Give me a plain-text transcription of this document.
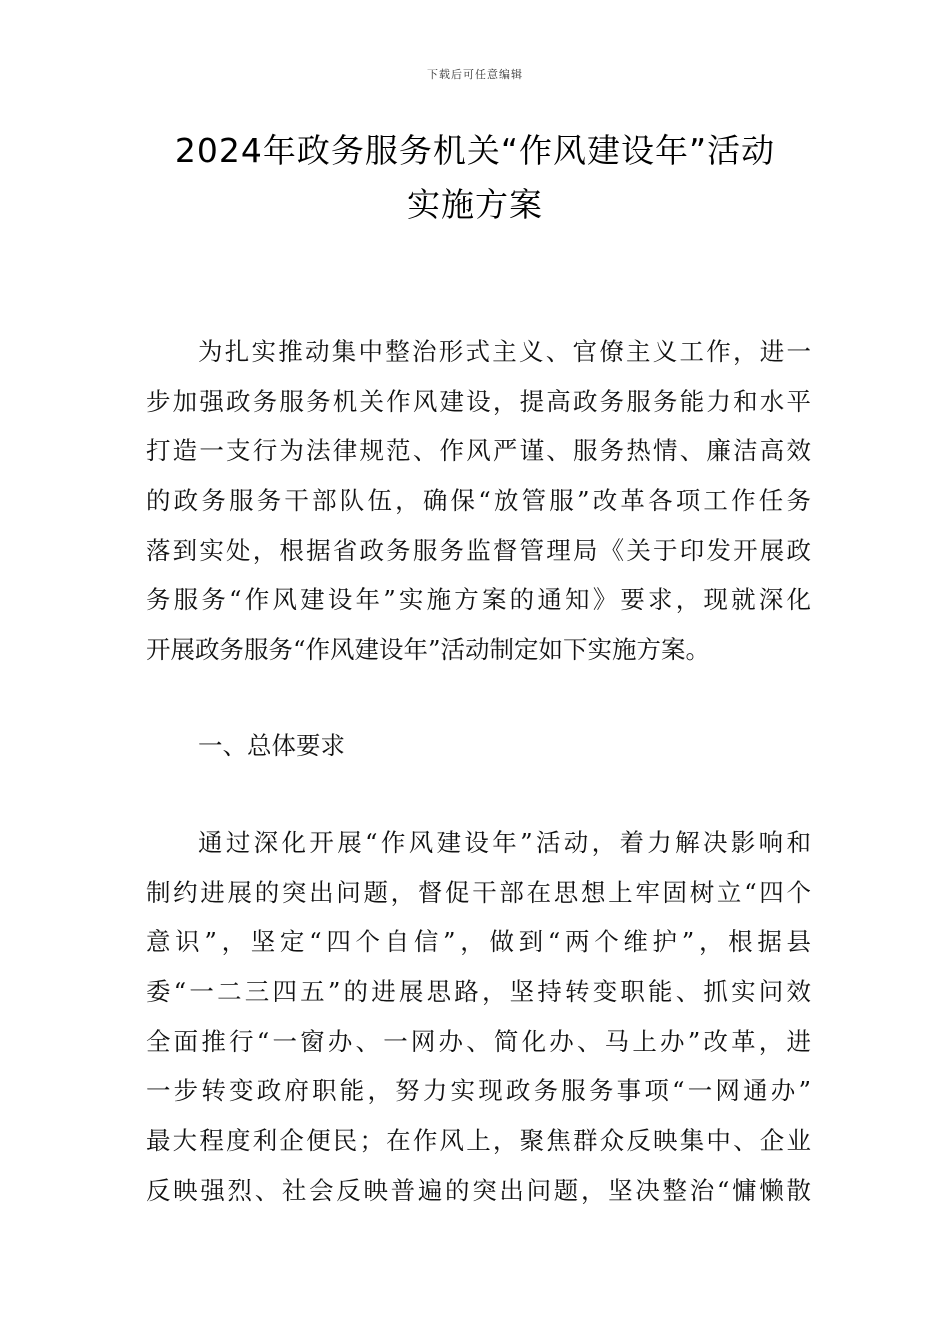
下载后可任意编辑
2024年政务服务机关“作风建设年”活动
实施方案
为扎实推动集中整治形式主义、官僚主义工作，进一
步加强政务服务机关作风建设，提高政务服务能力和水平
打造一支行为法律规范、作风严谨、服务热情、廉洁高效
的政务服务干部队伍，确保“放管服”改革各项工作任务
落到实处，根据省政务服务监督管理局《关于印发开展政
务服务“作风建设年”实施方案的通知》要求，现就深化
开展政务服务“作风建设年”活动制定如下实施方案。
一、总体要求
通过深化开展“作风建设年”活动，着力解决影响和
制约进展的突出问题，督促干部在思想上牢固树立“四个
意识”，坚定“四个自信”，做到“两个维护”，根据县
委“一二三四五”的进展思路，坚持转变职能、抓实问效
全面推行“一窗办、一网办、简化办、马上办”改革，进
一步转变政府职能，努力实现政务服务事项“一网通办”
最大程度利企便民；在作风上，聚焦群众反映集中、企业
反映强烈、社会反映普遍的突出问题，坚决整治“慵懒散
